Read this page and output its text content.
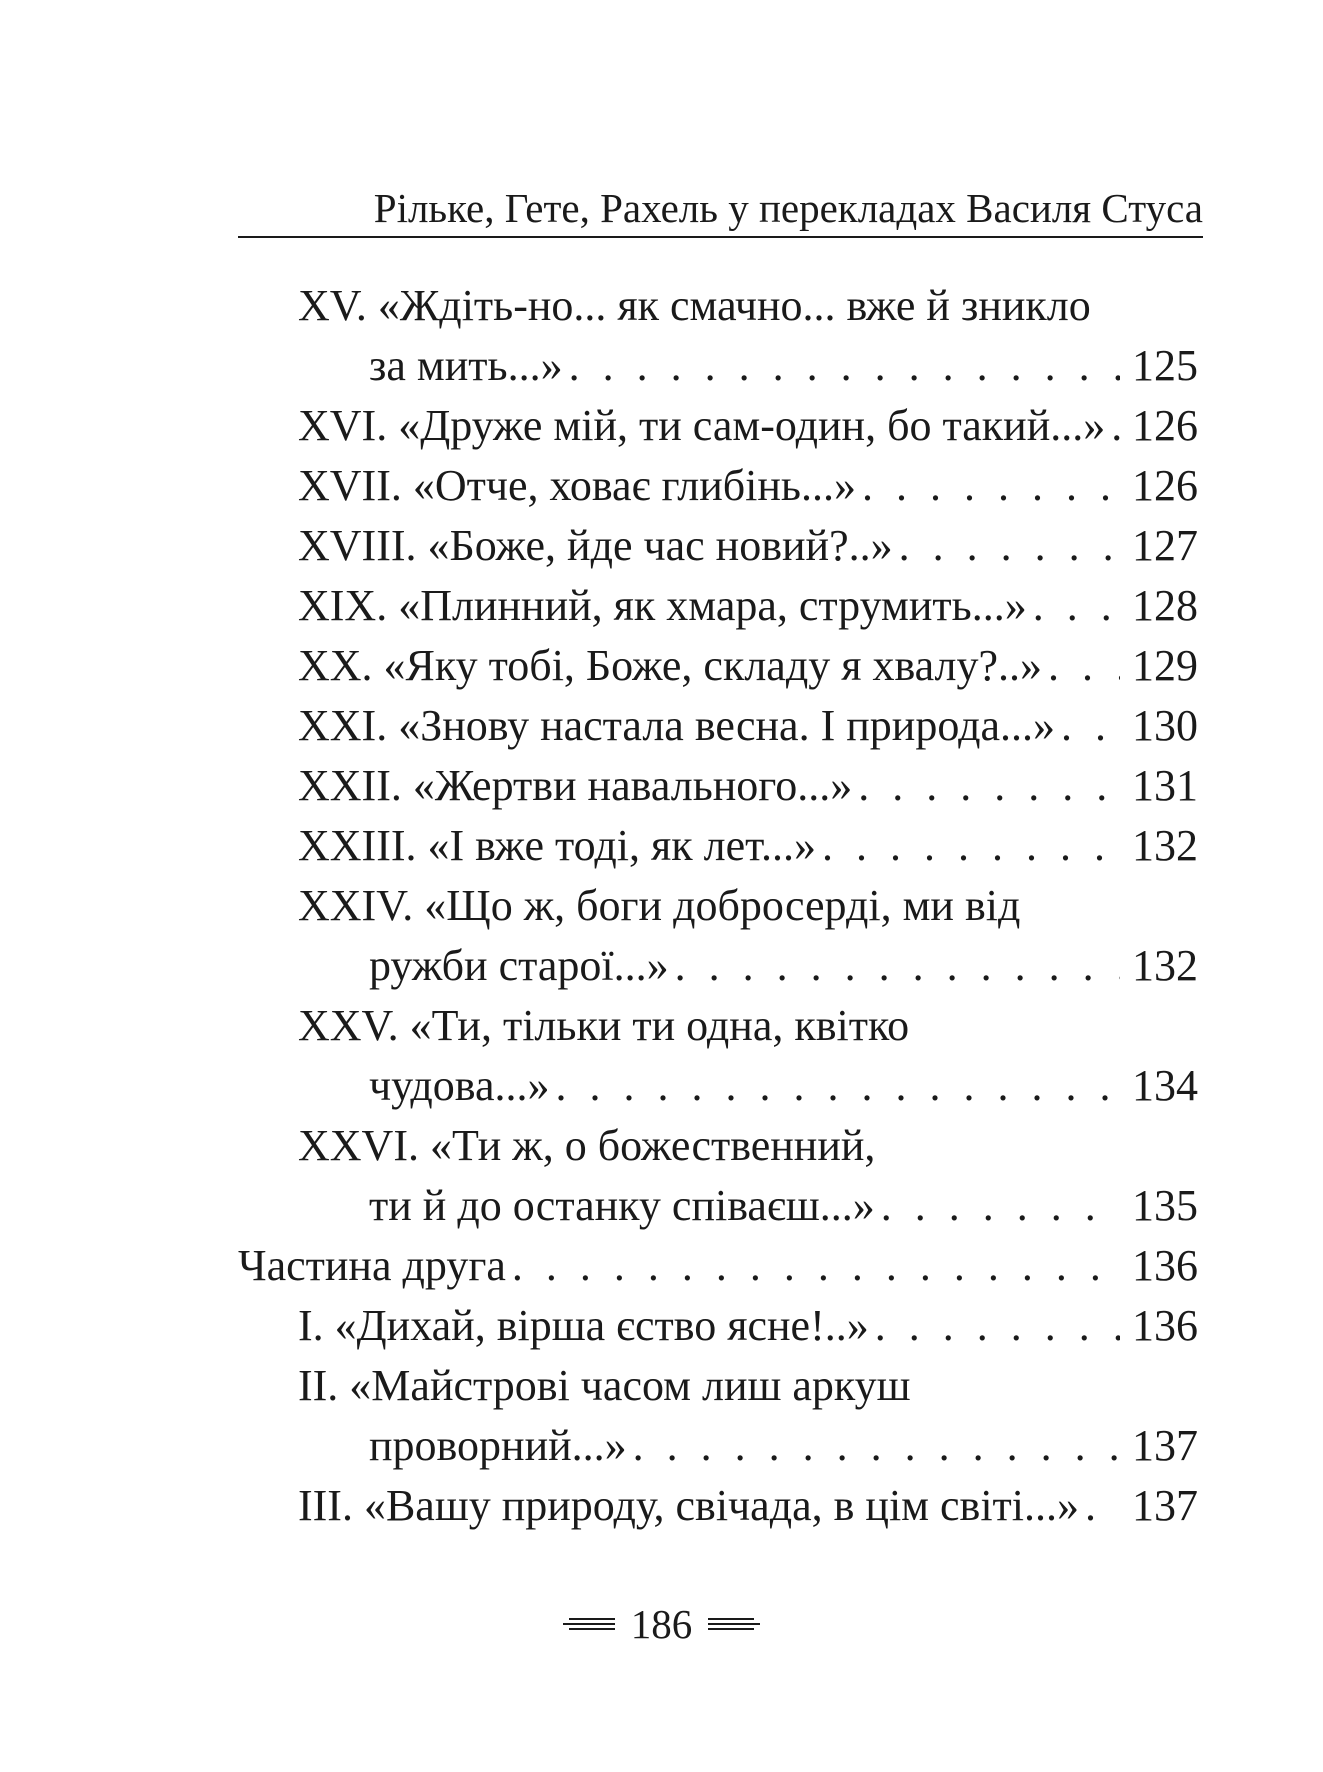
Рільке, Гете, Рахель у перекладах Василя Стуса
XV. «Ждіть-но... як смачно... вже й зникло
за мить...» . . .	125
XVI. «Друже мій, ти сам-один, бо такий...» . . . 126
XVII. «Отче, ховає глибінь...» . . .	126
XVIII. «Боже, йде час новий?..» . . .	127
XIX. «Плинний, як хмара, струмить...» . . . 128
XX. «Яку тобі, Боже, складу я хвалу?..» . . . 129
XXI. «Знову настала весна. І природа...» . . . 130
XXII. «Жертви навального...» . . .	131
XXIII. «І вже тоді, як лет...» . . .	132
XXIV. «Що ж, боги добросерді, ми від
ружби старої...» . . .	132
XXV. «Ти, тільки ти одна, квітко
чудова...» . . .	134
XXVI. «Ти ж, о божественний,
ти й до останку співаєш...» . . .	135
Частина друга . . .	136
І. «Дихай, вірша єство ясне!..» . . .	136
ІІ. «Майстрові часом лиш аркуш
проворний...» . . .	137
ІІІ. «Вашу природу, свічада, в цім світі...» . . . 137
186
